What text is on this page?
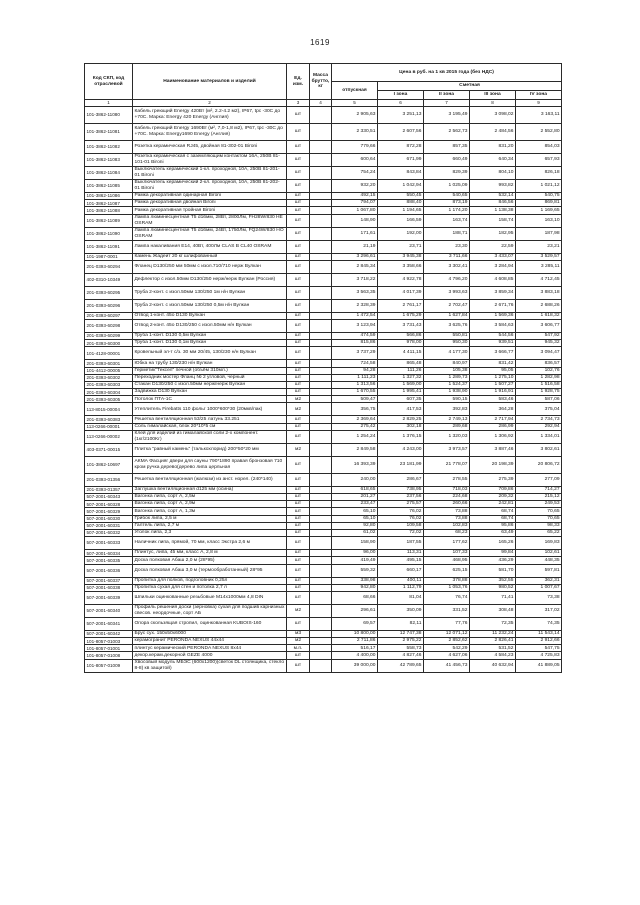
1619
Код СКП, код отраслевой	Наименование материалов и изделий	Ед. изм.	Масса брутто, кг	Цена в руб. на 1 кв 2015 года (без НДС)				
				отпускная	Сметная			
					I зона	II зона	III зона	IV зона
1	2	3	4	5	6	7	8	9
101-3862-11080	Кабель греющий Energy 420Вт (м², 2.2-4.2 м2), IP67, tpc -30С до +70С. Марка: Energy 420 Energy (Англия)	шт		2 905,63	3 251,13	3 195,49	3 098,02	3 163,11
101-3862-11081	Кабель греющий Energy 1690Вт (м², 7,0-1,8 м2), IP67, tpc -30С до +70С. Марка: Energy1690 Energy (Англия)	шт		2 330,51	2 607,56	2 562,73	2 484,56	2 552,80
101-3862-11082	Розетка керамическая RJ45, двойная 81-302-01 Bironi	шт		779,66	872,28	857,35	831,20	854,03
101-3862-11083	Розетка керамическая с заземляющим контактом 16А, 250В 81-101-01 Bironi	шт		600,64	671,99	660,49	640,34	657,93
101-3862-11084	Выключатель керамический 1-кл. проходной, 10А, 250В 81-201-01 Bironi	шт		754,24	843,84	829,39	804,10	826,18
101-3862-11085	Выключатель керамический 2-кл. проходной, 10А, 250В 81-202-01 Bironi	шт		932,20	1 042,94	1 025,09	993,82	1 021,12
101-3862-11086	Рамка декоративная одинарная Bironi	шт		492,15	550,45	540,65	532,14	540,75
101-3862-11087	Рамка декоративная двойная Bironi	шт		794,07	888,40	873,19	846,56	869,81
101-3862-11088	Рамка декоративная тройная Bironi	шт		1 067,80	1 194,65	1 174,20	1 138,38	1 169,65
101-3862-11089	Лампа люминесцентная Т5 d16мм, 28Вт, 2800Лм, FH28W/830 HE OSRAM	шт		148,90	166,59	163,74	158,74	163,10
101-3862-11090	Лампа люминесцентная Т5 d16мм, 24Вт, 1750Лм, FQ24W/830 HO OSRAM	шт		171,61	192,00	188,71	182,95	187,98
101-3862-11091	Лампа накаливания E14, 40Вт, 400Лм CLAS B CL40 OSRAM	шт		21,19	23,71	23,30	22,59	23,21
101-1987-0001	Камень Жадеит 20 кг шлифованный	шт		3 296,61	3 945,38	3 711,66	3 433,07	3 529,57
201-0393-60294	Фланец D130/250 мм 50мм с изол.710/710 нерж Вулкан	шт		2 845,34	3 358,66	3 302,41	3 284,94	3 285,11
402-0310-10349	Дефлектор с изол.50мм D130/250 нерж/нерж Вулкан (Россия)	шт		3 718,22	4 922,78	4 796,20	4 608,85	4 712,45
201-0393-60295	Труба 2-конт. с изол.50мм 130/250 1м н/н Вулкан	шт		3 563,35	4 017,39	3 993,63	3 859,34	3 883,18
201-0393-60296	Труба 2-конт. с изол.50мм 130/250 0,5м н/н Вулкан	шт		2 328,39	2 761,17	2 702,47	2 671,76	2 688,26
201-0393-60297	Отвод 1-конт. 45о D130 Вулкан	шт		1 472,54	1 675,29	1 627,84	1 569,36	1 618,32
201-0393-60298	Отвод 2-конт. 45о D130/250 с изол.50мм н/н Вулкан	шт		3 123,94	3 731,43	3 625,76	3 584,63	3 606,77
201-0393-60299	Труба 1-конт. D130 0,5м Вулкан	шт		474,59	566,86	550,81	544,56	547,92
201-0393-60300	Труба 1-конт. D130 0,1м Вулкан	шт		815,86	978,00	950,30	939,51	945,32
101-4128-00001	Кровельный эл-т с/з. 30 мм 20/45, 130/230 н/н Вулкан	шт		3 737,29	4 411,15	4 177,30	3 666,77	3 094,47
201-0393-60301	Юбка на трубу 130/230 н/н Вулкан	шт		724,58	865,48	840,97	831,42	836,57
101-4412-00005	Герметик"Тексел" печной (объём 310мл.)	шт		94,28	111,26	105,38	95,05	102,76
201-0393-60302	Переходник мостер Фланц № 2 угловой, черный	шт		1 111,23	1 327,32	1 289,73	1 275,10	1 282,98
201-0393-60303	Стакан D130/250 с изол.50мм нерж/нерж Вулкан	шт		1 313,56	1 569,00	1 524,37	1 507,27	1 516,58
201-0393-60304	Задвижка D130 Вулкан	шт		1 670,55	1 995,41	1 938,90	1 916,91	1 928,75
201-0393-60305	Потолок ПТА-1С	м2		509,47	607,35	590,15	583,46	587,06
113-8015-00004	Утеплитель Firebatts 110 фольг 1000*600*30 (20мкв/пак)	м2		356,75	417,53	392,83	364,28	375,04
201-0393-60383	Решетка вентиляционная 53/25 латунь 33.251	шт		2 369,64	2 829,25	2 749,13	2 717,94	2 734,73
113-0266-00001	Соль гималайская, блок 20*10*5 см	шт		275,42	302,18	289,68	286,99	292,94
113-0266-00002	Клей для изделий из гималайской соли 2-х компонент. (1кг/2100Kг)	шт		1 254,24	1 376,15	1 320,03	1 306,92	1 334,01
403-0371-00015	Плитка "равный камень" (талькохлорид) 200*50*20 мм	м2		2 849,58	4 243,00	3 973,57	3 887,46	3 802,61
101-3862-10697	АКМА Фасцияг двери для сауны 790*1890 правая бронзовая 710 кром ручка дерево(дерево липа церльная	шт		16 393,39	23 181,99	21 778,07	20 198,39	20 806,72
201-0393-01356	Решетка вентиляционная (жалюзи) из анст. норел. (240*140)	шт		240,00	286,67	278,55	275,39	277,09
201-0393-01357	Заглушка вентиляционная d125 мм (осина)	шт		618,65	738,95	718,03	709,86	714,27
507-2001-60343	Вагонка липа, сорт А, 2,5м	шт		201,27	237,56	224,68	209,32	215,12
507-2001-60328	Вагонка липа, сорт А, 2,9м	шт		233,47	275,57	260,66	242,81	249,53
507-2001-60329	Вагонка липа, сорт А, 1,3м	шт		65,10	76,02	73,88	68,74	70,65
507-2001-60330	Грибок липа, 2,5 м	шт		65,10	76,02	73,88	68,74	70,65
507-2001-60331	Галтель липа, 2,7 м	шт		92,80	109,58	102,83	95,86	98,33
507-2001-60332	Уголок липа, 2,3	шт		61,02	72,02	68,23	63,49	65,22
507-2001-60333	Наличник липа, прямой, 70 мм, класс Экстра 2,6 м	шт		158,90	187,55	177,62	165,26	169,83
507-2001-60334	Плинтус, липа, 45 мм, класс А, 2,8 м	шт		96,00	113,31	107,33	99,84	102,61
507-2001-60335	Доска полковая Абаш 2,0 м (28*95)	шт		419,49	495,15	468,95	436,29	448,35
507-2001-60336	Доска полковая Абаш 3,0 м (термообработанный) 28*95	шт		559,32	660,17	625,15	581,70	597,81
507-2001-60337	Пропитка для полков, подголовник 0,25л	шт		338,98	400,11	378,88	352,55	362,31
507-2001-60338	Пропитка сухая для стен и потолка 2,7 л	шт		942,80	1 112,79	1 053,76	980,52	1 007,67
507-2001-60339	Шпильки оцинкованные резьбовые М14х1000мм 4,8 DIN	шт		68,66	81,04	76,74	71,41	73,38
507-2001-60340	Профиль решения доски (зерновка) сухая для подшив карнизных свесов. неордочные, сорт АБ	м2		296,61	350,09	331,52	308,48	317,02
507-2001-60341	Опора скользящая стропил, оцинкованная KUBOIS-160	шт		69,57	82,11	77,76	72,35	74,35
507-2001-60342	Брус сух. 150х50х6000	м3		10 800,00	12 747,38	12 071,12	11 232,24	11 543,14
101-8057-01003	керамогранит PERONDA NEXUS 44х44	м2		2 711,86	2 975,22	2 852,62	2 826,41	2 912,66
101-8057-01001	плинтус керамический PERONDA NEXUS 8х44	м.п.		516,17	558,73	542,29	531,52	547,75
101-8057-01008	декор.керам.декорной GEZE 4000	шт		4 400,00	4 827,46	4 627,06	4 584,23	4 725,83
101-8057-01009	Хвосовый модуль МБЭС (600х1200)(светок DL стоянщика, стекло 8-8) кв защитой)	шт		39 000,00	42 789,65	41 456,73	40 632,94	41 889,05
